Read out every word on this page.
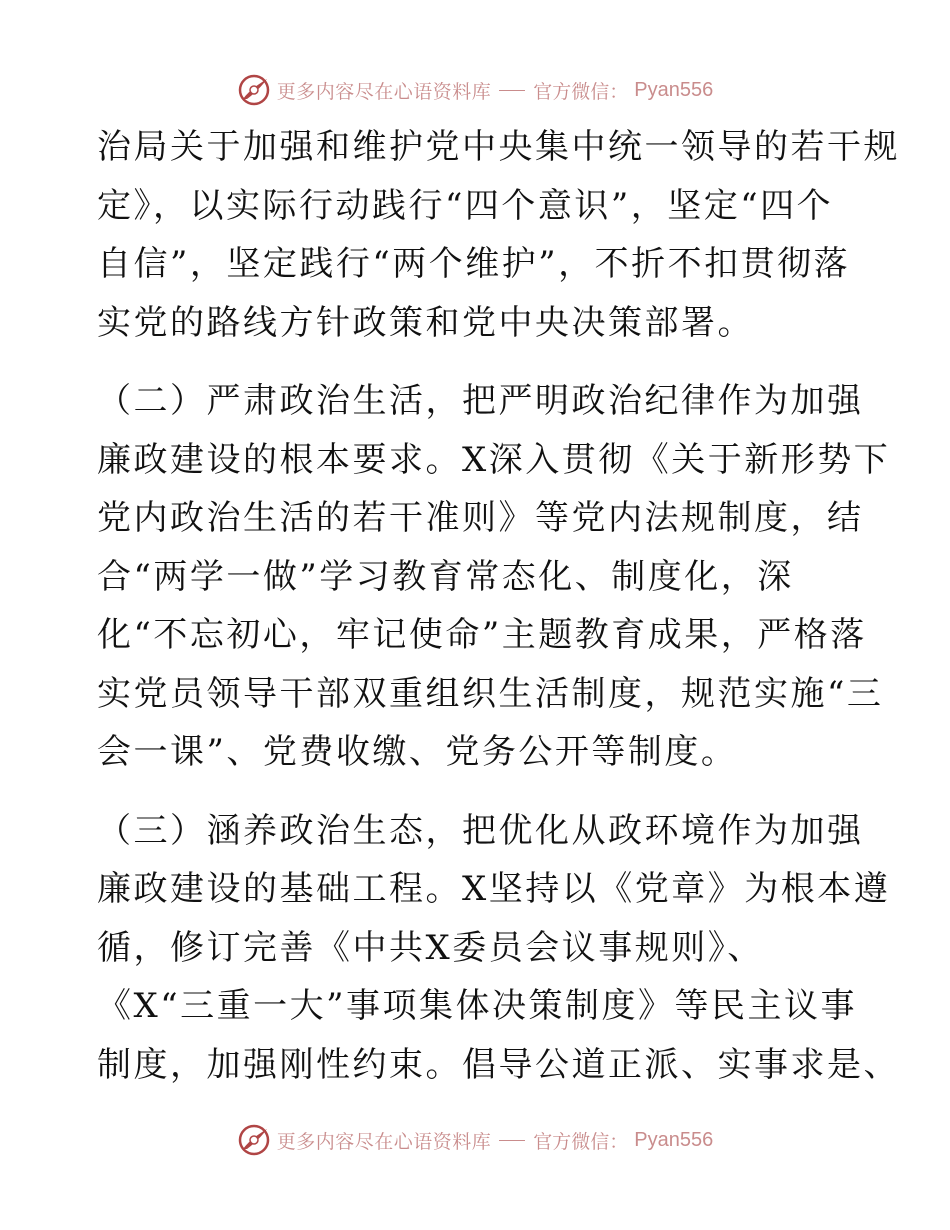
更多内容尽在心语资料库 官方微信： Pyan556
治局关于加强和维护党中央集中统一领导的若干规
定》，以实际行动践行“四个意识”，坚定“四个
自信”，坚定践行“两个维护”，不折不扣贯彻落
实党的路线方针政策和党中央决策部署。
（二）严肃政治生活，把严明政治纪律作为加强
廉政建设的根本要求。X深入贯彻《关于新形势下
党内政治生活的若干准则》等党内法规制度，结
合“两学一做”学习教育常态化、制度化，深
化“不忘初心，牢记使命”主题教育成果，严格落
实党员领导干部双重组织生活制度，规范实施“三
会一课”、党费收缴、党务公开等制度。
（三）涵养政治生态，把优化从政环境作为加强
廉政建设的基础工程。X坚持以《党章》为根本遵
循，修订完善《中共X委员会议事规则》、
《X“三重一大”事项集体决策制度》等民主议事
制度，加强刚性约束。倡导公道正派、实事求是、
更多内容尽在心语资料库 官方微信： Pyan556
